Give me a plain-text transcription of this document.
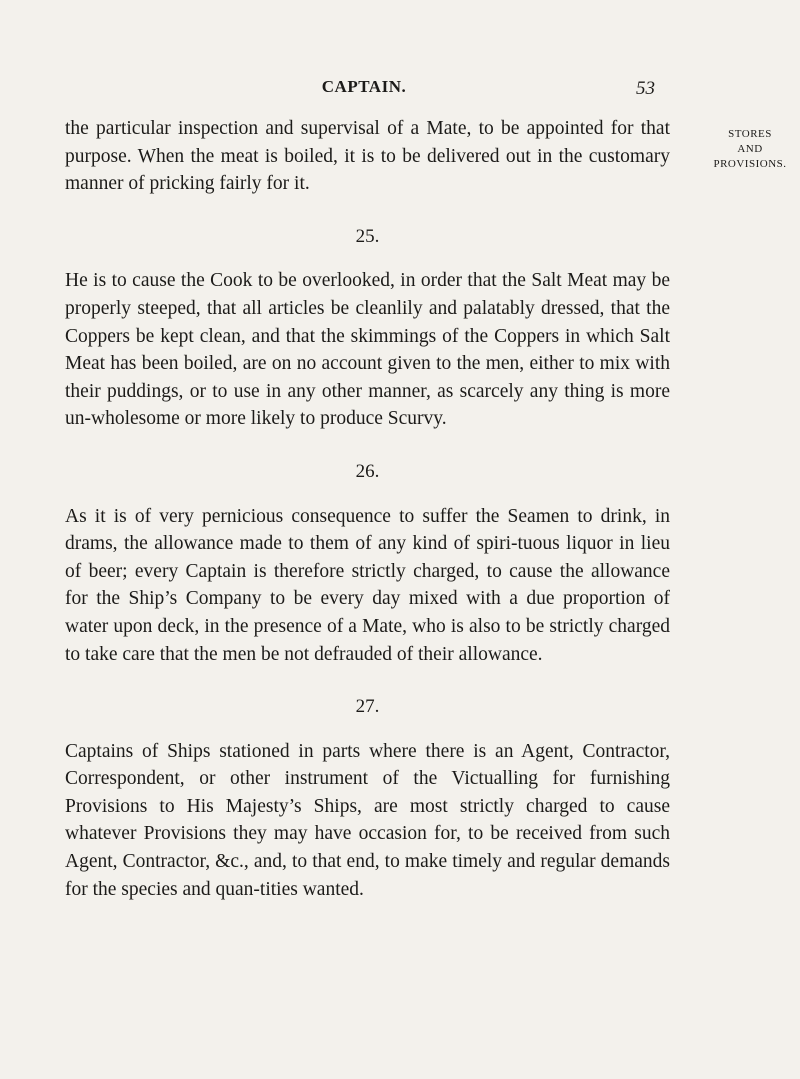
CAPTAIN.	53
STORES
AND
PROVISIONS.

the particular inspection and supervisal of a Mate, to be appointed for that purpose. When the meat is boiled, it is to be delivered out in the customary manner of pricking fairly for it.

25.

He is to cause the Cook to be overlooked, in order that the Salt Meat may be properly steeped, that all articles be cleanlily and palatably dressed, that the Coppers be kept clean, and that the skimmings of the Coppers in which Salt Meat has been boiled, are on no account given to the men, either to mix with their puddings, or to use in any other manner, as scarcely any thing is more un-wholesome or more likely to produce Scurvy.

26.

As it is of very pernicious consequence to suffer the Seamen to drink, in drams, the allowance made to them of any kind of spiri-tuous liquor in lieu of beer; every Captain is therefore strictly charged, to cause the allowance for the Ship’s Company to be every day mixed with a due proportion of water upon deck, in the presence of a Mate, who is also to be strictly charged to take care that the men be not defrauded of their allowance.

27.

Captains of Ships stationed in parts where there is an Agent, Contractor, Correspondent, or other instrument of the Victualling for furnishing Provisions to His Majesty’s Ships, are most strictly charged to cause whatever Provisions they may have occasion for, to be received from such Agent, Contractor, &c., and, to that end, to make timely and regular demands for the species and quan-tities wanted.
